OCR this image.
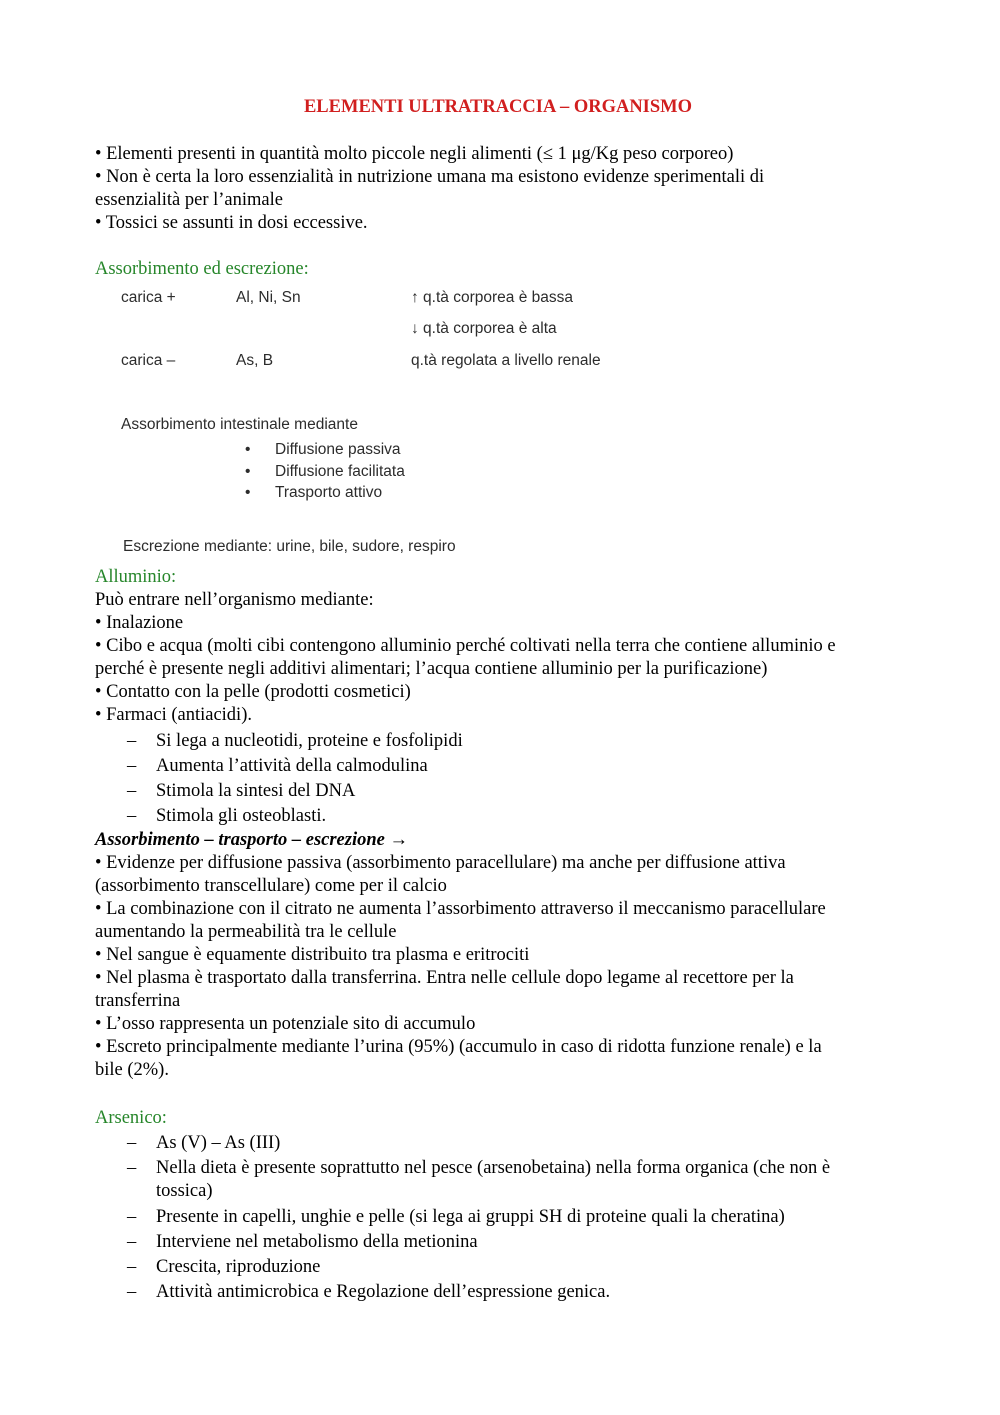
ELEMENTI ULTRATRACCIA – ORGANISMO
• Elementi presenti in quantità molto piccole negli alimenti (≤ 1 μg/Kg peso corporeo)
• Non è certa la loro essenzialità in nutrizione umana ma esistono evidenze sperimentali di
essenzialità per l’animale
• Tossici se assunti in dosi eccessive.
Assorbimento ed escrezione:
carica +	Al, Ni, Sn	↑ q.tà corporea è bassa
↓ q.tà corporea è alta
carica –	As, B	q.tà regolata a livello renale
Assorbimento intestinale mediante
• Diffusione passiva
• Diffusione facilitata
• Trasporto attivo
Escrezione mediante: urine, bile, sudore, respiro
Alluminio:
Può entrare nell’organismo mediante:
• Inalazione
• Cibo e acqua (molti cibi contengono alluminio perché coltivati nella terra che contiene alluminio e
perché è presente negli additivi alimentari; l’acqua contiene alluminio per la purificazione)
• Contatto con la pelle (prodotti cosmetici)
• Farmaci (antiacidi).
– Si lega a nucleotidi, proteine e fosfolipidi
– Aumenta l’attività della calmodulina
– Stimola la sintesi del DNA
– Stimola gli osteoblasti.
Assorbimento – trasporto – escrezione →
• Evidenze per diffusione passiva (assorbimento paracellulare) ma anche per diffusione attiva
(assorbimento transcellulare) come per il calcio
• La combinazione con il citrato ne aumenta l’assorbimento attraverso il meccanismo paracellulare
aumentando la permeabilità tra le cellule
• Nel sangue è equamente distribuito tra plasma e eritrociti
• Nel plasma è trasportato dalla transferrina. Entra nelle cellule dopo legame al recettore per la
transferrina
• L’osso rappresenta un potenziale sito di accumulo
• Escreto principalmente mediante l’urina (95%) (accumulo in caso di ridotta funzione renale) e la
bile (2%).
Arsenico:
– As (V) – As (III)
– Nella dieta è presente soprattutto nel pesce (arsenobetaina) nella forma organica (che non è
tossica)
– Presente in capelli, unghie e pelle (si lega ai gruppi SH di proteine quali la cheratina)
– Interviene nel metabolismo della metionina
– Crescita, riproduzione
– Attività antimicrobica e Regolazione dell’espressione genica.
